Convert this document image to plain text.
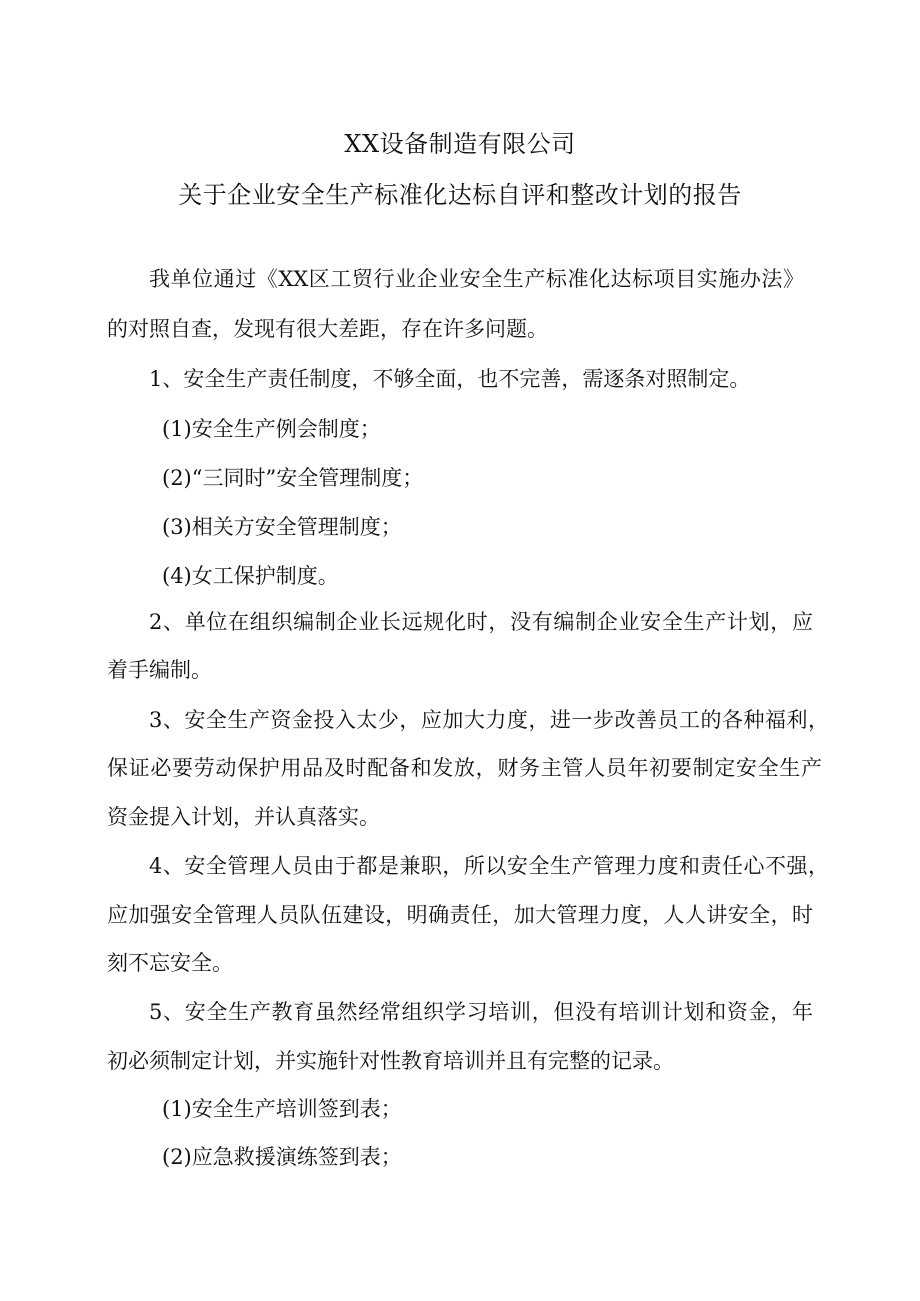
XX设备制造有限公司
关于企业安全生产标准化达标自评和整改计划的报告
我单位通过《XX区工贸行业企业安全生产标准化达标项目实施办法》
的对照自查，发现有很大差距，存在许多问题。
1、安全生产责任制度，不够全面，也不完善，需逐条对照制定。
(1)安全生产例会制度；
(2)“三同时”安全管理制度；
(3)相关方安全管理制度；
(4)女工保护制度。
2、单位在组织编制企业长远规化时，没有编制企业安全生产计划，应
着手编制。
3、安全生产资金投入太少，应加大力度，进一步改善员工的各种福利，
保证必要劳动保护用品及时配备和发放，财务主管人员年初要制定安全生产
资金提入计划，并认真落实。
4、安全管理人员由于都是兼职，所以安全生产管理力度和责任心不强，
应加强安全管理人员队伍建设，明确责任，加大管理力度，人人讲安全，时
刻不忘安全。
5、安全生产教育虽然经常组织学习培训，但没有培训计划和资金，年
初必须制定计划，并实施针对性教育培训并且有完整的记录。
(1)安全生产培训签到表；
(2)应急救援演练签到表；
